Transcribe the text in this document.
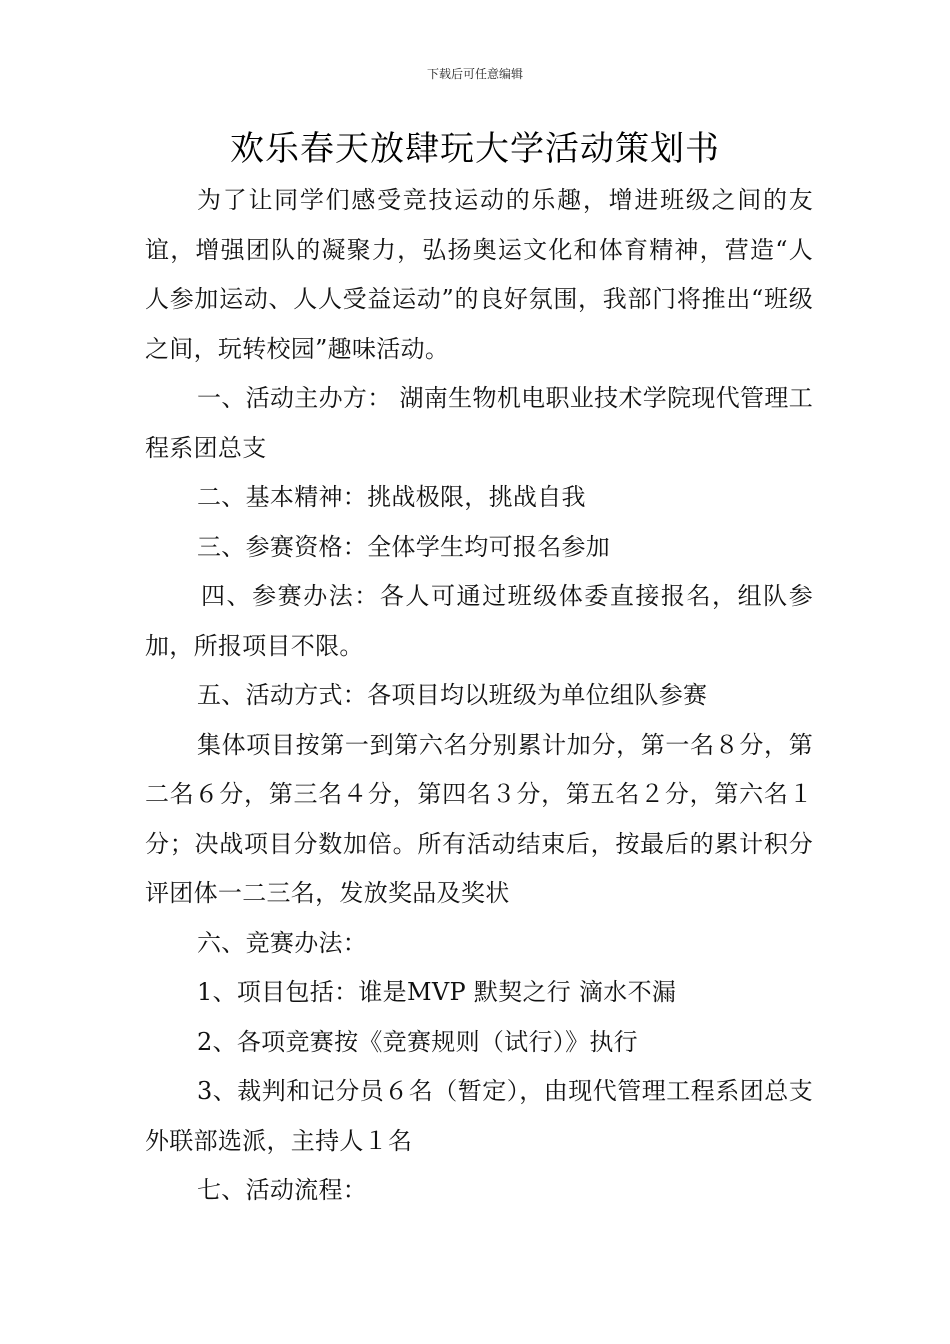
下载后可任意编辑
欢乐春天放肆玩大学活动策划书

为了让同学们感受竞技运动的乐趣，增进班级之间的友谊，增强团队的凝聚力，弘扬奥运文化和体育精神，营造“人人参加运动、人人受益运动”的良好氛围，我部门将推出“班级之间，玩转校园”趣味活动。

一、活动主办方： 湖南生物机电职业技术学院现代管理工程系团总支

二、基本精神：挑战极限，挑战自我

三、参赛资格：全体学生均可报名参加

四、参赛办法：各人可通过班级体委直接报名，组队参加，所报项目不限。

五、活动方式：各项目均以班级为单位组队参赛

集体项目按第一到第六名分别累计加分，第一名８分，第二名６分，第三名４分，第四名３分，第五名２分，第六名１分；决战项目分数加倍。所有活动结束后，按最后的累计积分评团体一二三名，发放奖品及奖状

六、竞赛办法：

1、项目包括：谁是MVP 默契之行 滴水不漏

2、各项竞赛按《竞赛规则（试行）》执行

3、裁判和记分员６名（暂定），由现代管理工程系团总支外联部选派，主持人１名

七、活动流程：
